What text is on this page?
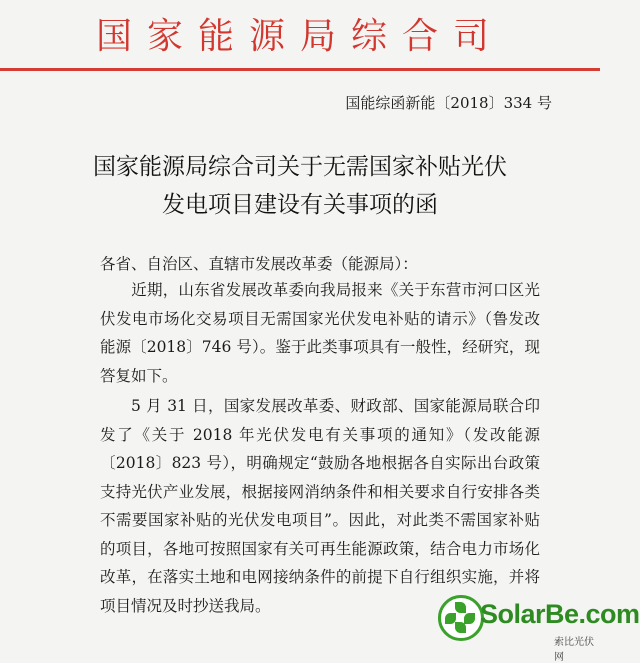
国家能源局综合司
国能综函新能〔2018〕334 号
国家能源局综合司关于无需国家补贴光伏
发电项目建设有关事项的函
各省、自治区、直辖市发展改革委（能源局）：
近期，山东省发展改革委向我局报来《关于东营市河口区光伏发电市场化交易项目无需国家光伏发电补贴的请示》（鲁发改能源〔2018〕746 号）。鉴于此类事项具有一般性，经研究，现答复如下。
5 月 31 日，国家发展改革委、财政部、国家能源局联合印发了《关于 2018 年光伏发电有关事项的通知》（发改能源〔2018〕823 号），明确规定“鼓励各地根据各自实际出台政策支持光伏产业发展，根据接网消纳条件和相关要求自行安排各类不需要国家补贴的光伏发电项目”。因此，对此类不需国家补贴的项目，各地可按照国家有关可再生能源政策，结合电力市场化改革，在落实土地和电网接纳条件的前提下自行组织实施，并将项目情况及时抄送我局。	SolarBe.com
索比光伏网
